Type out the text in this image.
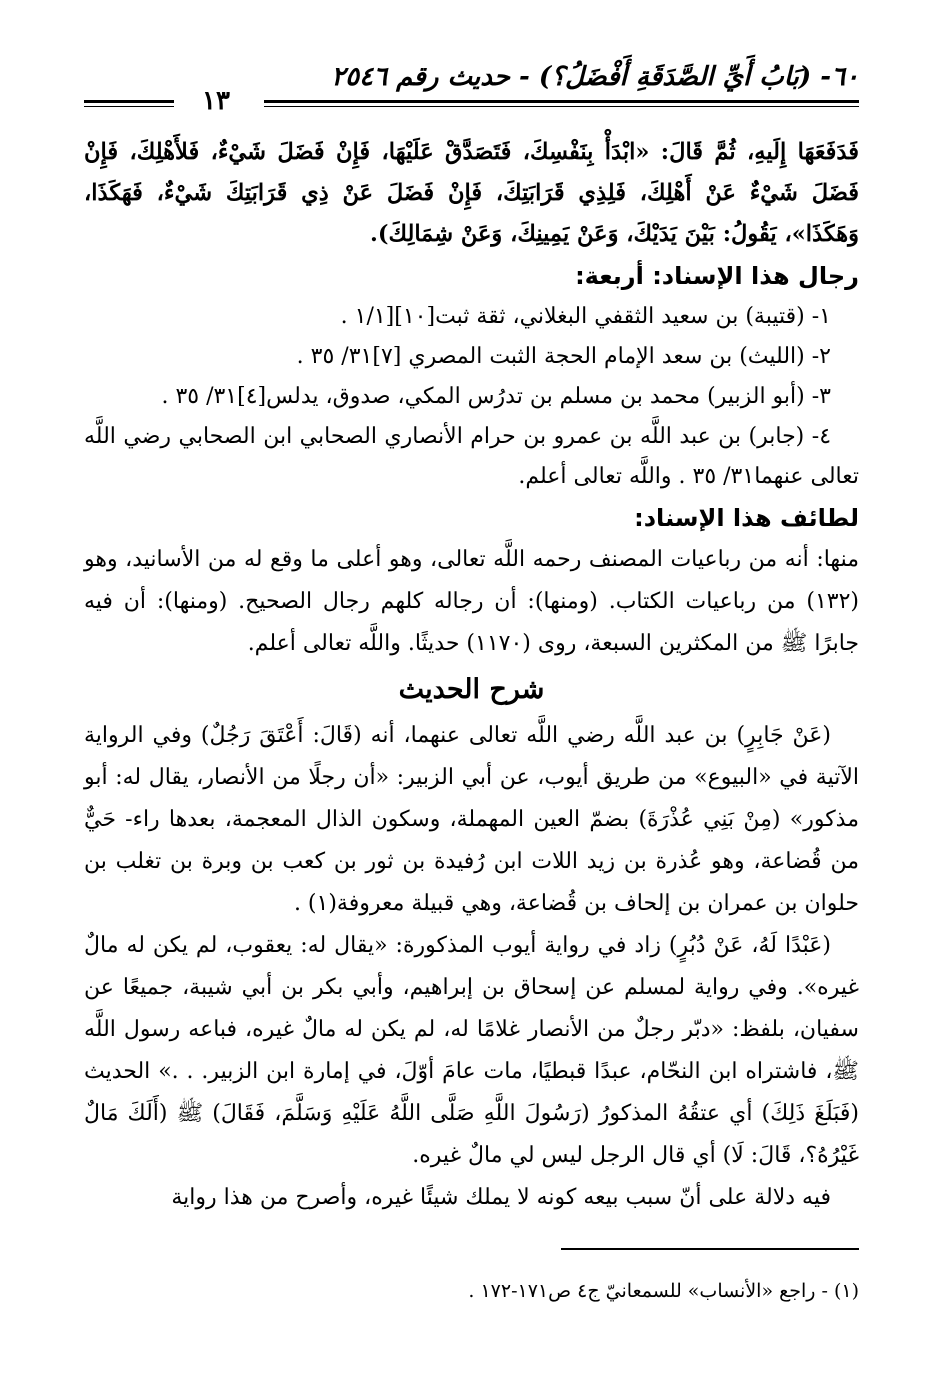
٦٠- (بَابُ أَيِّ الصَّدَقَةِ أَفْضَلُ؟) - حديث رقم ٢٥٤٦
١٣

فَدَفَعَهَا إِلَيهِ، ثُمَّ قَالَ: «ابْدَأْ بِنَفْسِكَ، فَتَصَدَّقْ عَلَيْهَا، فَإِنْ فَضَلَ شَيْءٌ، فَلأَهْلِكَ، فَإِنْ فَضَلَ شَيْءٌ عَنْ أَهْلِكَ، فَلِذِي قَرَابَتِكَ، فَإِنْ فَضَلَ عَنْ ذِي قَرَابَتِكَ شَيْءٌ، فَهَكَذَا، وَهَكَذَا»، يَقُولُ: بَيْنَ يَدَيْكَ، وَعَنْ يَمِينِكَ، وَعَنْ شِمَالِكَ).

رجال هذا الإسناد: أربعة:

١- (قتيبة) بن سعيد الثقفي البغلاني، ثقة ثبت[١٠][١/١ .

٢- (الليث) بن سعد الإمام الحجة الثبت المصري [٧]٣١/ ٣٥ .

٣- (أبو الزبير) محمد بن مسلم بن تدرُس المكي، صدوق، يدلس[٤]٣١/ ٣٥ .

٤- (جابر) بن عبد اللَّه بن عمرو بن حرام الأنصاري الصحابي ابن الصحابي رضي اللَّه تعالى عنهما٣١/ ٣٥ . واللَّه تعالى أعلم.

لطائف هذا الإسناد:

منها: أنه من رباعيات المصنف رحمه اللَّه تعالى، وهو أعلى ما وقع له من الأسانيد، وهو (١٣٢) من رباعيات الكتاب. (ومنها): أن رجاله كلهم رجال الصحيح. (ومنها): أن فيه جابرًا ﷺ من المكثرين السبعة، روى (١١٧٠) حديثًا. واللَّه تعالى أعلم.

شرح الحديث

(عَنْ جَابِرٍ) بن عبد اللَّه رضي اللَّه تعالى عنهما، أنه (قَالَ: أَعْتَقَ رَجُلٌ) وفي الرواية الآتية في «البيوع» من طريق أيوب، عن أبي الزبير: «أن رجلًا من الأنصار، يقال له: أبو مذكور» (مِنْ بَنِي عُذْرَةَ) بضمّ العين المهملة، وسكون الذال المعجمة، بعدها راء- حَيٌّ من قُضاعة، وهو عُذرة بن زيد اللات ابن رُفيدة بن ثور بن كعب بن وبرة بن تغلب بن حلوان بن عمران بن إلحاف بن قُضاعة، وهي قبيلة معروفة(١) .

(عَبْدًا لَهُ، عَنْ دُبُرٍ) زاد في رواية أيوب المذكورة: «يقال له: يعقوب، لم يكن له مالٌ غيره». وفي رواية لمسلم عن إسحاق بن إبراهيم، وأبي بكر بن أبي شيبة، جميعًا عن سفيان، بلفظ: «دبّر رجلٌ من الأنصار غلامًا له، لم يكن له مالٌ غيره، فباعه رسول اللَّه ﷺ، فاشتراه ابن النحّام، عبدًا قبطيًا، مات عامَ أوّلَ، في إمارة ابن الزبير. . .» الحديث (فَبَلَغَ ذَلِكَ) أي عتقُهُ المذكورُ (رَسُولَ اللَّهِ صَلَّى اللَّهُ عَلَيْهِ وَسَلَّمَ، فَقَالَ) ﷺ (أَلَكَ مَالٌ غَيْرُهُ؟، قَالَ: لَا) أي قال الرجل ليس لي مالٌ غيره.

فيه دلالة على أنّ سبب بيعه كونه لا يملك شيئًا غيره، وأصرح من هذا رواية

(١) - راجع «الأنساب» للسمعانيّ ج٤ ص١٧١-١٧٢ .
